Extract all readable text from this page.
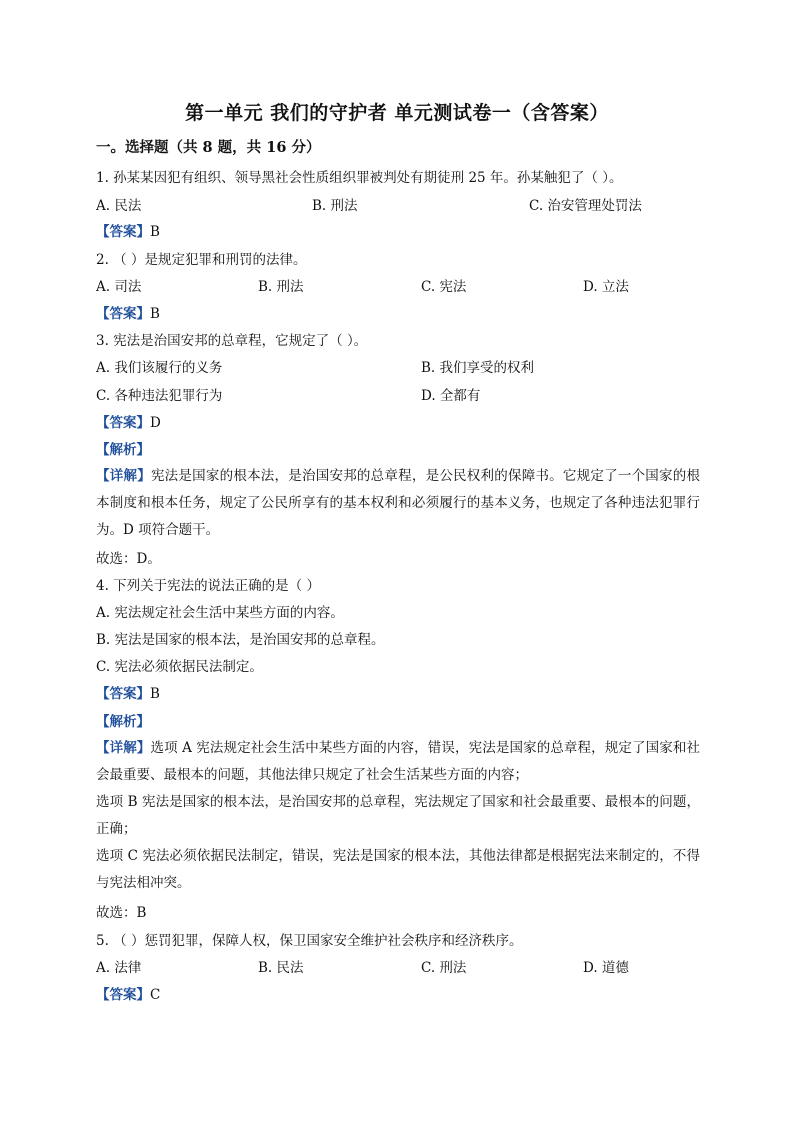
第一单元 我们的守护者 单元测试卷一（含答案）
一。选择题（共 8 题，共 16 分）
1. 孙某某因犯有组织、领导黑社会性质组织罪被判处有期徒刑 25 年。孙某触犯了（ ）。
A. 民法	B. 刑法	C. 治安管理处罚法
【答案】B
2. （ ）是规定犯罪和刑罚的法律。
A. 司法	B. 刑法	C. 宪法	D. 立法
【答案】B
3. 宪法是治国安邦的总章程，它规定了（ ）。
A. 我们该履行的义务	B. 我们享受的权利
C. 各种违法犯罪行为	D. 全都有
【答案】D
【解析】
【详解】宪法是国家的根本法，是治国安邦的总章程，是公民权利的保障书。它规定了一个国家的根本制度和根本任务，规定了公民所享有的基本权利和必须履行的基本义务，也规定了各种违法犯罪行为。D 项符合题干。
故选：D。
4. 下列关于宪法的说法正确的是（ ）
A. 宪法规定社会生活中某些方面的内容。
B. 宪法是国家的根本法，是治国安邦的总章程。
C. 宪法必须依据民法制定。
【答案】B
【解析】
【详解】选项 A 宪法规定社会生活中某些方面的内容，错误，宪法是国家的总章程，规定了国家和社会最重要、最根本的问题，其他法律只规定了社会生活某些方面的内容；
选项 B 宪法是国家的根本法，是治国安邦的总章程，宪法规定了国家和社会最重要、最根本的问题，正确；
选项 C 宪法必须依据民法制定，错误，宪法是国家的根本法，其他法律都是根据宪法来制定的，不得与宪法相冲突。
故选：B
5. （ ）惩罚犯罪，保障人权，保卫国家安全维护社会秩序和经济秩序。
A. 法律	B. 民法	C. 刑法	D. 道德
【答案】C
